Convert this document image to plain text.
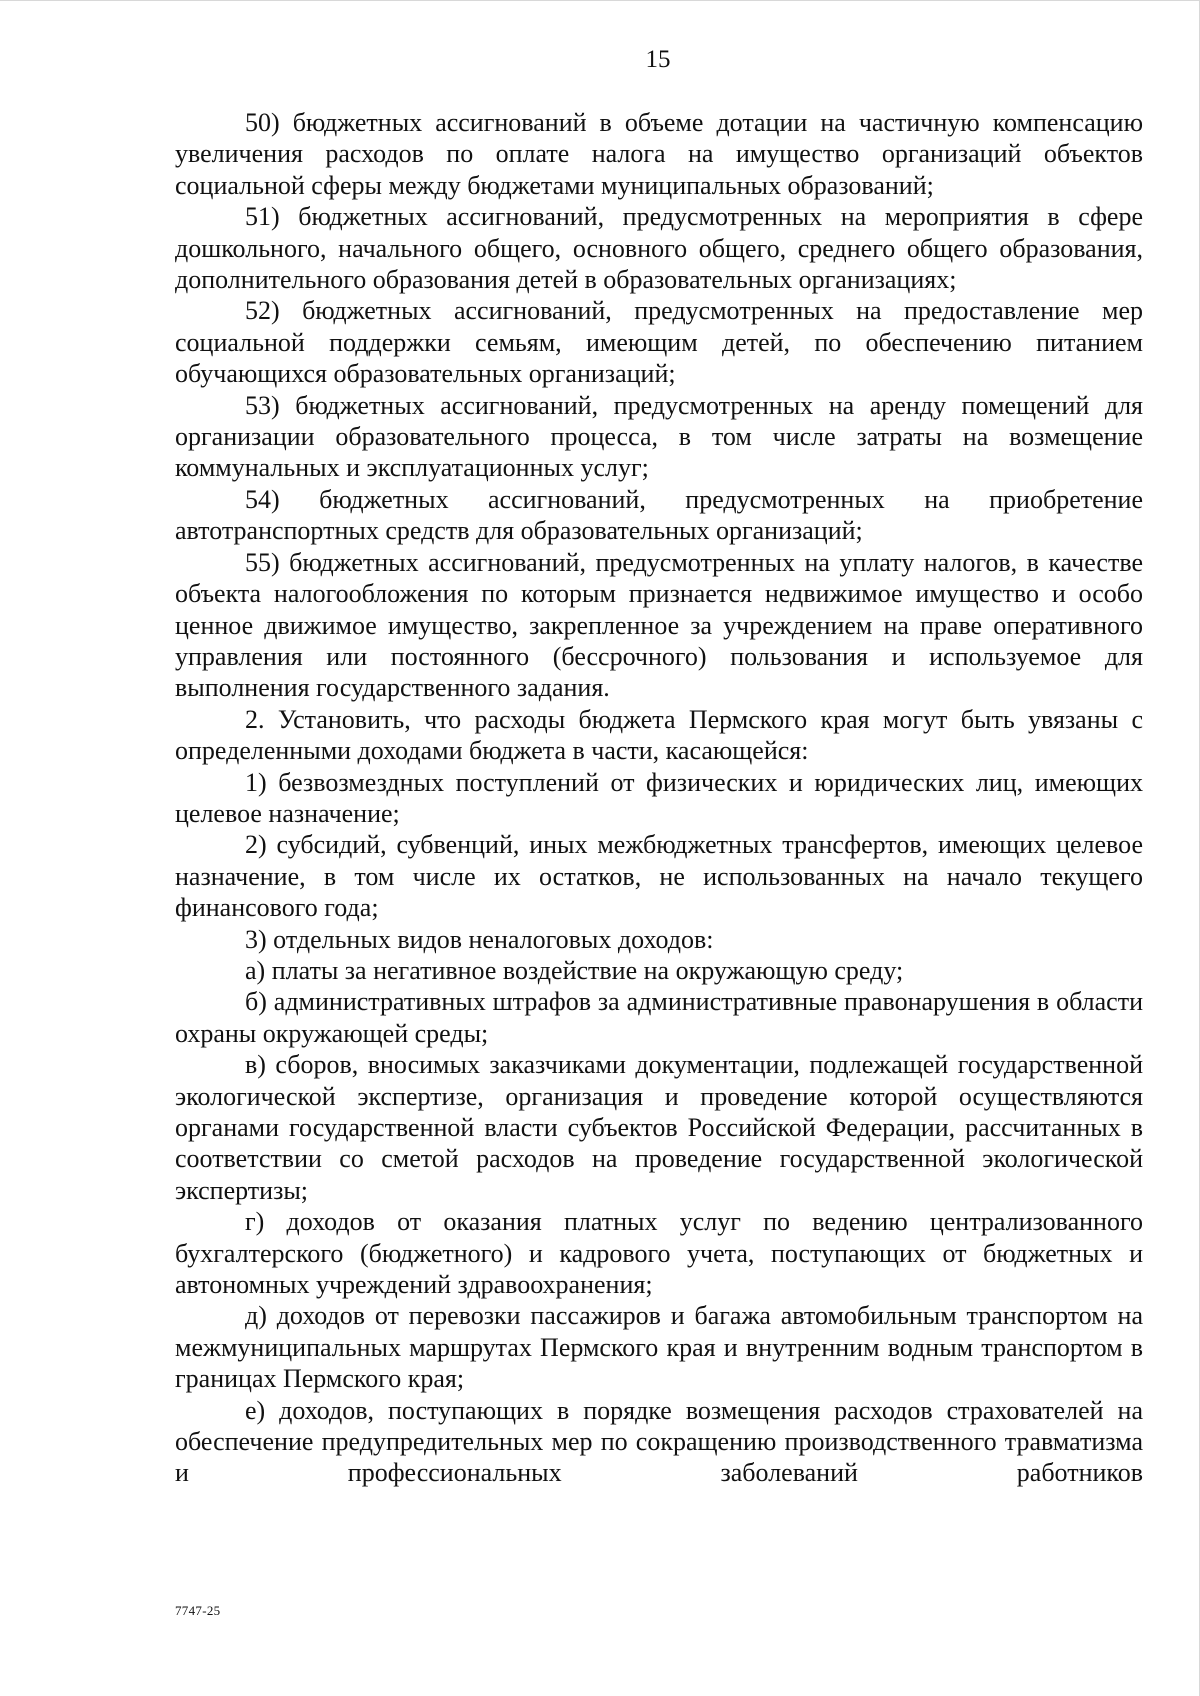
15

50) бюджетных ассигнований в объеме дотации на частичную компенсацию увеличения расходов по оплате налога на имущество организаций объектов социальной сферы между бюджетами муниципальных образований;

51) бюджетных ассигнований, предусмотренных на мероприятия в сфере дошкольного, начального общего, основного общего, среднего общего образования, дополнительного образования детей в образовательных организациях;

52) бюджетных ассигнований, предусмотренных на предоставление мер социальной поддержки семьям, имеющим детей, по обеспечению питанием обучающихся образовательных организаций;

53) бюджетных ассигнований, предусмотренных на аренду помещений для организации образовательного процесса, в том числе затраты на возмещение коммунальных и эксплуатационных услуг;

54) бюджетных ассигнований, предусмотренных на приобретение автотранспортных средств для образовательных организаций;

55) бюджетных ассигнований, предусмотренных на уплату налогов, в качестве объекта налогообложения по которым признается недвижимое имущество и особо ценное движимое имущество, закрепленное за учреждением на праве оперативного управления или постоянного (бессрочного) пользования и используемое для выполнения государственного задания.

2. Установить, что расходы бюджета Пермского края могут быть увязаны с определенными доходами бюджета в части, касающейся:

1) безвозмездных поступлений от физических и юридических лиц, имеющих целевое назначение;

2) субсидий, субвенций, иных межбюджетных трансфертов, имеющих целевое назначение, в том числе их остатков, не использованных на начало текущего финансового года;

3) отдельных видов неналоговых доходов:

а) платы за негативное воздействие на окружающую среду;

б) административных штрафов за административные правонарушения в области охраны окружающей среды;

в) сборов, вносимых заказчиками документации, подлежащей государственной экологической экспертизе, организация и проведение которой осуществляются органами государственной власти субъектов Российской Федерации, рассчитанных в соответствии со сметой расходов на проведение государственной экологической экспертизы;

г) доходов от оказания платных услуг по ведению централизованного бухгалтерского (бюджетного) и кадрового учета, поступающих от бюджетных и автономных учреждений здравоохранения;

д) доходов от перевозки пассажиров и багажа автомобильным транспортом на межмуниципальных маршрутах Пермского края и внутренним водным транспортом в границах Пермского края;

е) доходов, поступающих в порядке возмещения расходов страхователей на обеспечение предупредительных мер по сокращению производственного травматизма и профессиональных заболеваний работников

7747-25
